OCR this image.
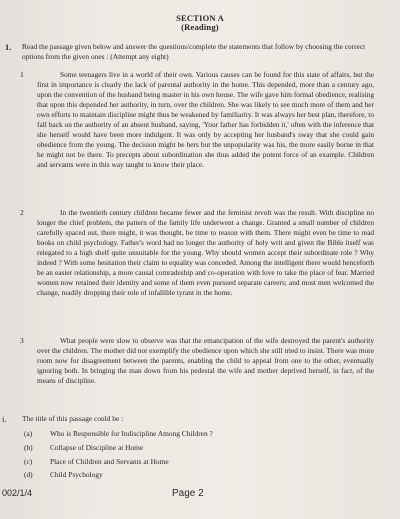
SECTION A
(Reading)
1. Read the passage given below and answer the questions/complete the statements that follow by choosing the correct options from the given ones : (Attempt any eight)
1	Some teenagers live in a world of their own. Various causes can be found for this state of affairs, but the first in importance is clearly the lack of parental authority in the home. This depended, more than a century ago, upon the convention of the husband being master in his own house. The wife gave him formal obedience, realising that upon this depended her authority, in turn, over the children. She was likely to see much more of them and her own efforts to maintain discipline might thus be weakened by familiarity. It was always her best plan, therefore, to fall back on the authority of an absent husband, saying, 'Your father has forbidden it,' often with the inference that she herself would have been more indulgent. It was only by accepting her husband's sway that she could gain obedience from the young. The decision might be hers but the unpopularity was his, the more easily borne in that he might not be there. To precepts about subordination she thus added the potent force of an example. Children and servants were in this way taught to know their place.
2	In the twentieth century children became fewer and the feminist revolt was the result. With discipline no longer the chief problem, the pattern of the family life underwent a change. Granted a small number of children carefully spaced out, there might, it was thought, be time to reason with them. There might even be time to read books on child psychology. Father's word had no longer the authority of holy writ and given the Bible itself was relegated to a high shelf quite unsuitable for the young. Why should women accept their subordinate role ? Why indeed ? With some hesitation their claim to equality was conceded. Among the intelligent there would henceforth be an easier relationship, a more causal comradeship and co-operation with love to take the place of fear. Married women now retained their identity and some of them even pursued separate careers; and most men welcomed the change, readily dropping their role of infallible tyrant in the home.
3	What people were slow to observe was that the emancipation of the wife destroyed the parent's authority over the children. The mother did not exemplify the obedience upon which she still tried to insist. There was more room now for disagreement between the parents, enabling the child to appeal from one to the other, eventually ignoring both. In bringing the man down from his pedestal the wife and mother deprived herself, in fact, of the means of discipline.
i. The title of this passage could be :
(a) Who is Responsible for Indiscipline Among Children ?
(b) Collapse of Discipline at Home
(c) Place of Children and Servants at Home
(d) Child Psychology
002/1/4	Page 2
